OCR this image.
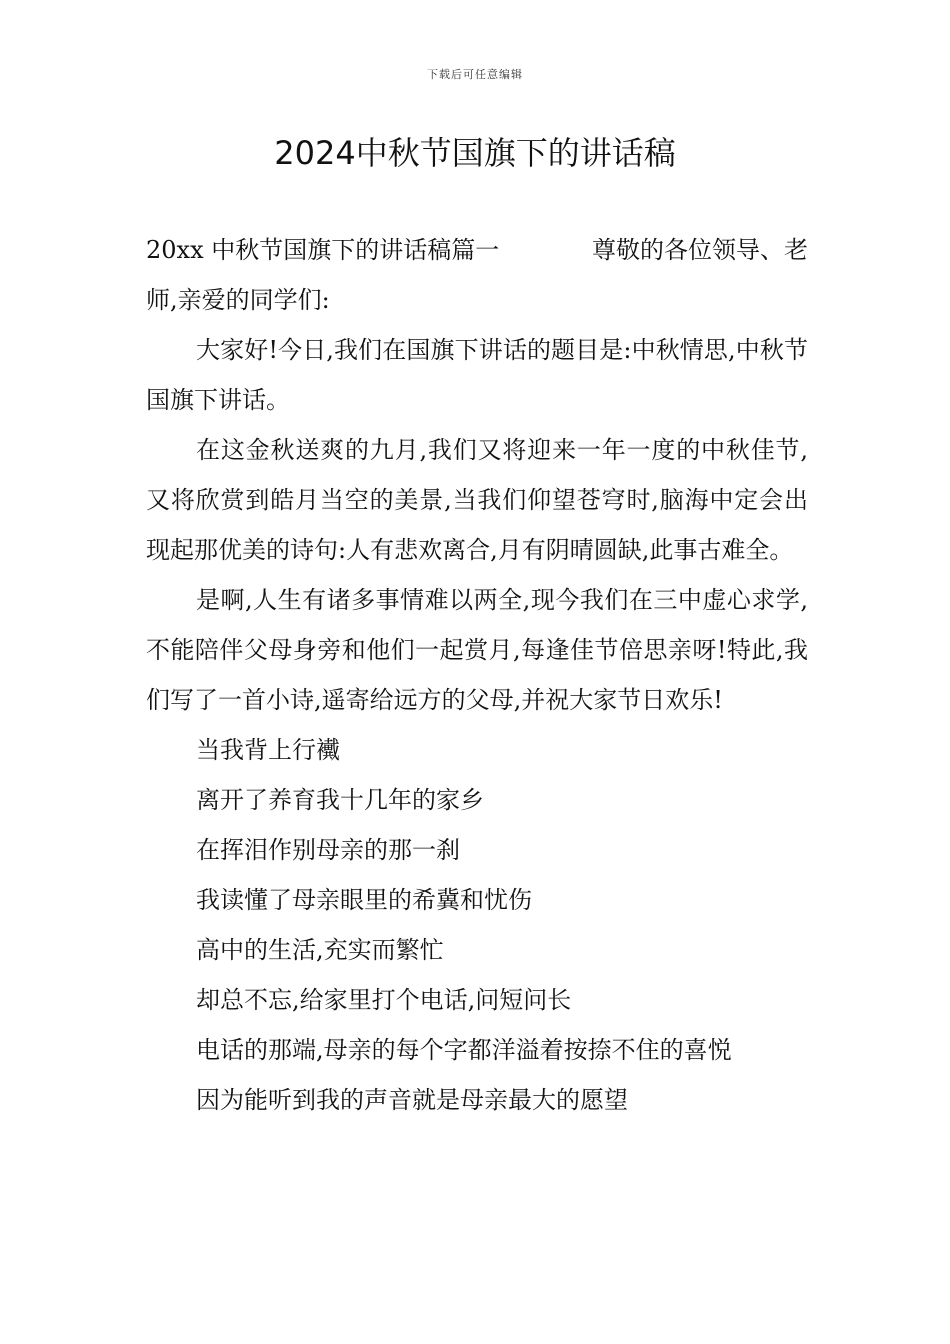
下载后可任意编辑
2024中秋节国旗下的讲话稿
20xx 中秋节国旗下的讲话稿篇一	尊敬的各位领导、老

师,亲爱的同学们:

大家好!今日,我们在国旗下讲话的题目是:中秋情思,中秋节国旗下讲话。

在这金秋送爽的九月,我们又将迎来一年一度的中秋佳节,又将欣赏到皓月当空的美景,当我们仰望苍穹时,脑海中定会出现起那优美的诗句:人有悲欢离合,月有阴晴圆缺,此事古难全。

是啊,人生有诸多事情难以两全,现今我们在三中虚心求学,不能陪伴父母身旁和他们一起赏月,每逢佳节倍思亲呀!特此,我们写了一首小诗,遥寄给远方的父母,并祝大家节日欢乐!

当我背上行襶

离开了养育我十几年的家乡

在挥泪作别母亲的那一刹

我读懂了母亲眼里的希冀和忧伤

高中的生活,充实而繁忙

却总不忘,给家里打个电话,问短问长

电话的那端,母亲的每个字都洋溢着按捺不住的喜悦

因为能听到我的声音就是母亲最大的愿望
